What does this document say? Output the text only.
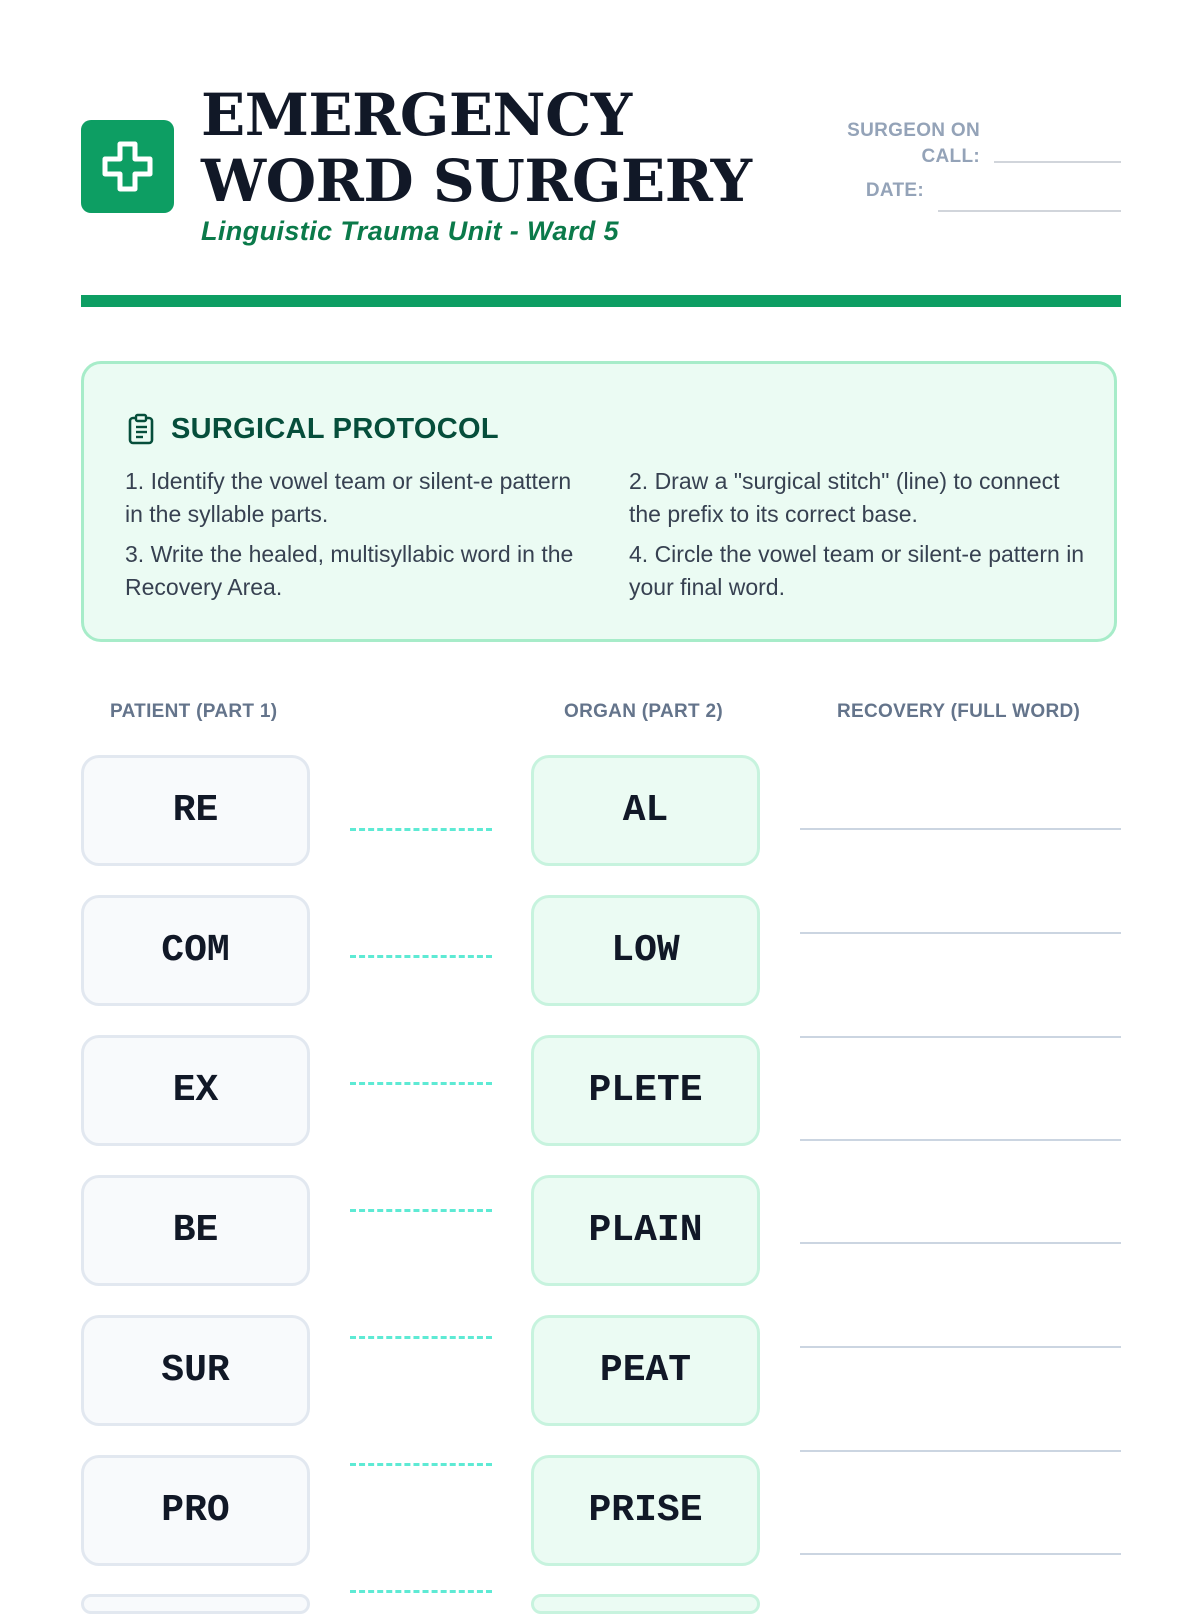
EMERGENCY
WORD SURGERY
Linguistic Trauma Unit - Ward 5
SURGEON ON
CALL:
DATE:
SURGICAL PROTOCOL
1. Identify the vowel team or silent-e pattern in the syllable parts.
2. Draw a "surgical stitch" (line) to connect the prefix to its correct base.
3. Write the healed, multisyllabic word in the Recovery Area.
4. Circle the vowel team or silent-e pattern in your final word.
PATIENT (PART 1)	ORGAN (PART 2)	RECOVERY (FULL WORD)
RE	AL
COM	LOW
EX	PLETE
BE	PLAIN
SUR	PEAT
PRO	PRISE
